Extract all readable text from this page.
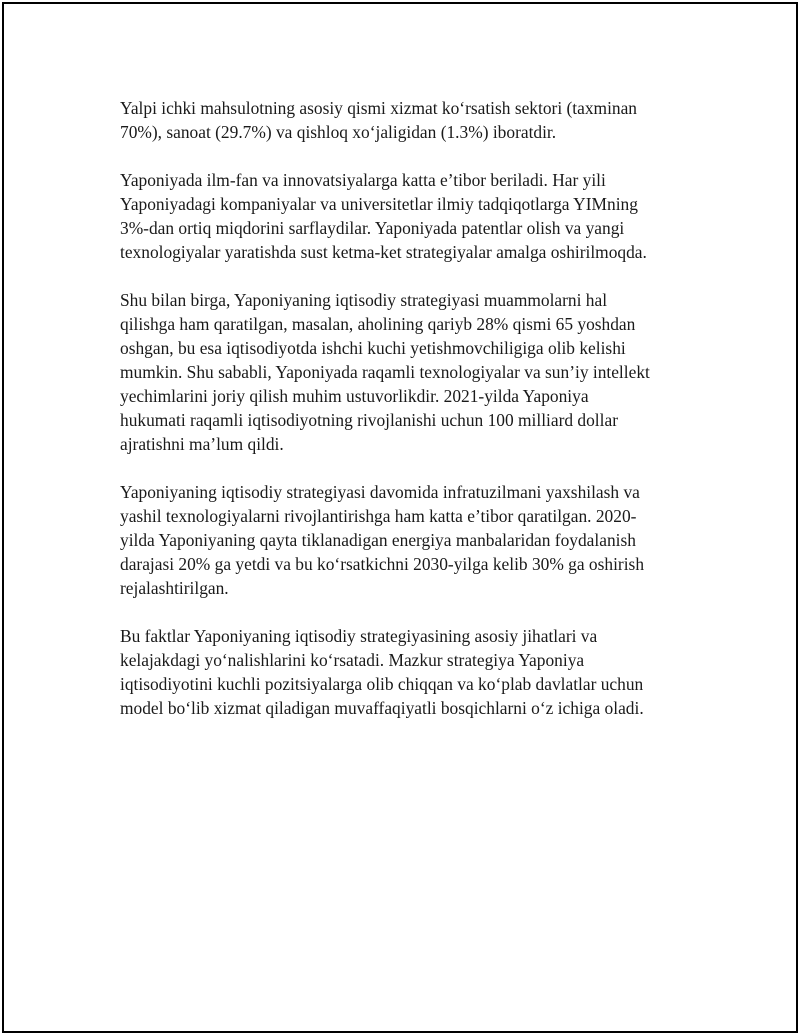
Yalpi ichki mahsulotning asosiy qismi xizmat koʻrsatish sektori (taxminan
70%), sanoat (29.7%) va qishloq xoʻjaligidan (1.3%) iboratdir.

Yaponiyada ilm-fan va innovatsiyalarga katta e’tibor beriladi. Har yili
Yaponiyadagi kompaniyalar va universitetlar ilmiy tadqiqotlarga YIMning
3%-dan ortiq miqdorini sarflaydilar. Yaponiyada patentlar olish va yangi
texnologiyalar yaratishda sust ketma-ket strategiyalar amalga oshirilmoqda.

Shu bilan birga, Yaponiyaning iqtisodiy strategiyasi muammolarni hal
qilishga ham qaratilgan, masalan, aholining qariyb 28% qismi 65 yoshdan
oshgan, bu esa iqtisodiyotda ishchi kuchi yetishmovchiligiga olib kelishi
mumkin. Shu sababli, Yaponiyada raqamli texnologiyalar va sun’iy intellekt
yechimlarini joriy qilish muhim ustuvorlikdir. 2021-yilda Yaponiya
hukumati raqamli iqtisodiyotning rivojlanishi uchun 100 milliard dollar
ajratishni ma’lum qildi.

Yaponiyaning iqtisodiy strategiyasi davomida infratuzilmani yaxshilash va
yashil texnologiyalarni rivojlantirishga ham katta e’tibor qaratilgan. 2020-
yilda Yaponiyaning qayta tiklanadigan energiya manbalaridan foydalanish
darajasi 20% ga yetdi va bu koʻrsatkichni 2030-yilga kelib 30% ga oshirish
rejalashtirilgan.

Bu faktlar Yaponiyaning iqtisodiy strategiyasining asosiy jihatlari va
kelajakdagi yoʻnalishlarini koʻrsatadi. Mazkur strategiya Yaponiya
iqtisodiyotini kuchli pozitsiyalarga olib chiqqan va koʻplab davlatlar uchun
model boʻlib xizmat qiladigan muvaffaqiyatli bosqichlarni oʻz ichiga oladi.
